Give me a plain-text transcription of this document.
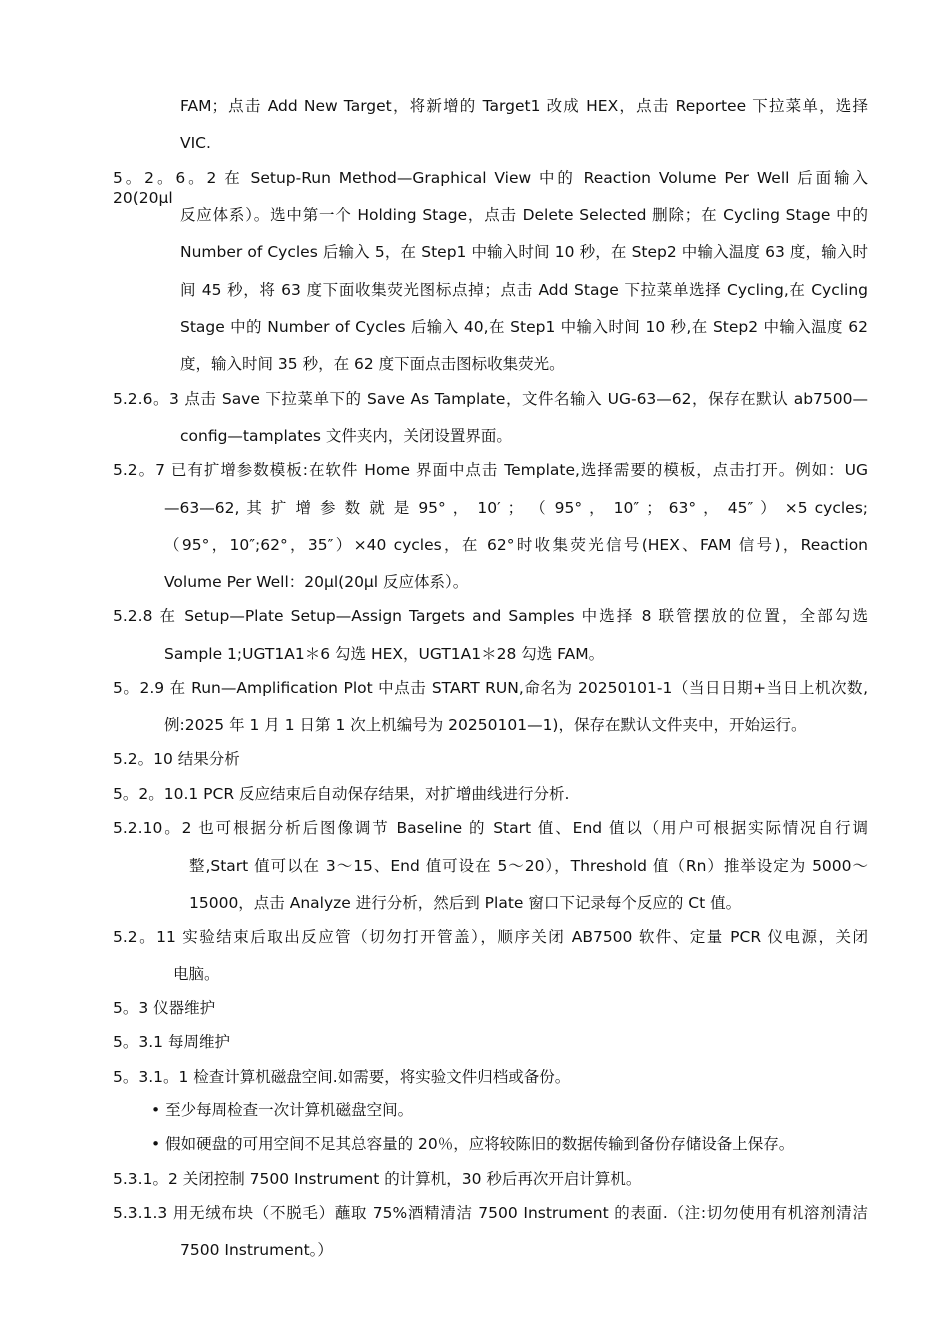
FAM；点击 Add New Target，将新增的 Target1 改成 HEX，点击 Reportee 下拉菜单，选择
VIC.
5。2。6。2 在 Setup-Run Method—Graphical View 中的 Reaction Volume Per Well 后面输入 20(20μl
反应体系）。选中第一个 Holding Stage，点击 Delete Selected 删除；在 Cycling Stage 中的
Number of Cycles 后输入 5，在 Step1 中输入时间 10 秒，在 Step2 中输入温度 63 度，输入时
间 45 秒，将 63 度下面收集荧光图标点掉；点击 Add Stage 下拉菜单选择 Cycling,在 Cycling
Stage 中的 Number of Cycles 后输入 40,在 Step1 中输入时间 10 秒,在 Step2 中输入温度 62
度，输入时间 35 秒，在 62 度下面点击图标收集荧光。
5.2.6。3 点击 Save 下拉菜单下的 Save As Tamplate，文件名输入 UG-63—62，保存在默认 ab7500—
config—tamplates 文件夹内，关闭设置界面。
5.2。7 已有扩增参数模板:在软件 Home 界面中点击 Template,选择需要的模板，点击打开。例如：UG
—63—62, 其 扩 增 参 数 就 是 95° ， 10′ ； （ 95° ， 10″ ； 63° ， 45″ ） ×5 cycles;
（95°，10″;62°，35″）×40 cycles，在 62°时收集荧光信号(HEX、FAM 信号)，Reaction
Volume Per Well：20μl(20μl 反应体系）。
5.2.8 在 Setup—Plate Setup—Assign Targets and Samples 中选择 8 联管摆放的位置，全部勾选
Sample 1;UGT1A1＊6 勾选 HEX，UGT1A1＊28 勾选 FAM。
5。2.9 在 Run—Amplification Plot 中点击 START RUN,命名为 20250101-1（当日日期+当日上机次数,
例:2025 年 1 月 1 日第 1 次上机编号为 20250101—1)，保存在默认文件夹中，开始运行。
5.2。10 结果分析
5。2。10.1 PCR 反应结束后自动保存结果，对扩增曲线进行分析.
5.2.10。2 也可根据分析后图像调节 Baseline 的 Start 值、End 值以（用户可根据实际情况自行调
整,Start 值可以在 3～15、End 值可设在 5～20），Threshold 值（Rn）推举设定为 5000～
15000，点击 Analyze 进行分析，然后到 Plate 窗口下记录每个反应的 Ct 值。
5.2。11 实验结束后取出反应管（切勿打开管盖），顺序关闭 AB7500 软件、定量 PCR 仪电源，关闭
电脑。
5。3 仪器维护
5。3.1 每周维护
5。3.1。1 检查计算机磁盘空间.如需要，将实验文件归档或备份。
• 至少每周检查一次计算机磁盘空间。
• 假如硬盘的可用空间不足其总容量的 20％，应将较陈旧的数据传输到备份存储设备上保存。
5.3.1。2 关闭控制 7500 Instrument 的计算机，30 秒后再次开启计算机。
5.3.1.3 用无绒布块（不脱毛）蘸取 75%酒精清洁 7500 Instrument 的表面.（注:切勿使用有机溶剂清洁
7500 Instrument。）
